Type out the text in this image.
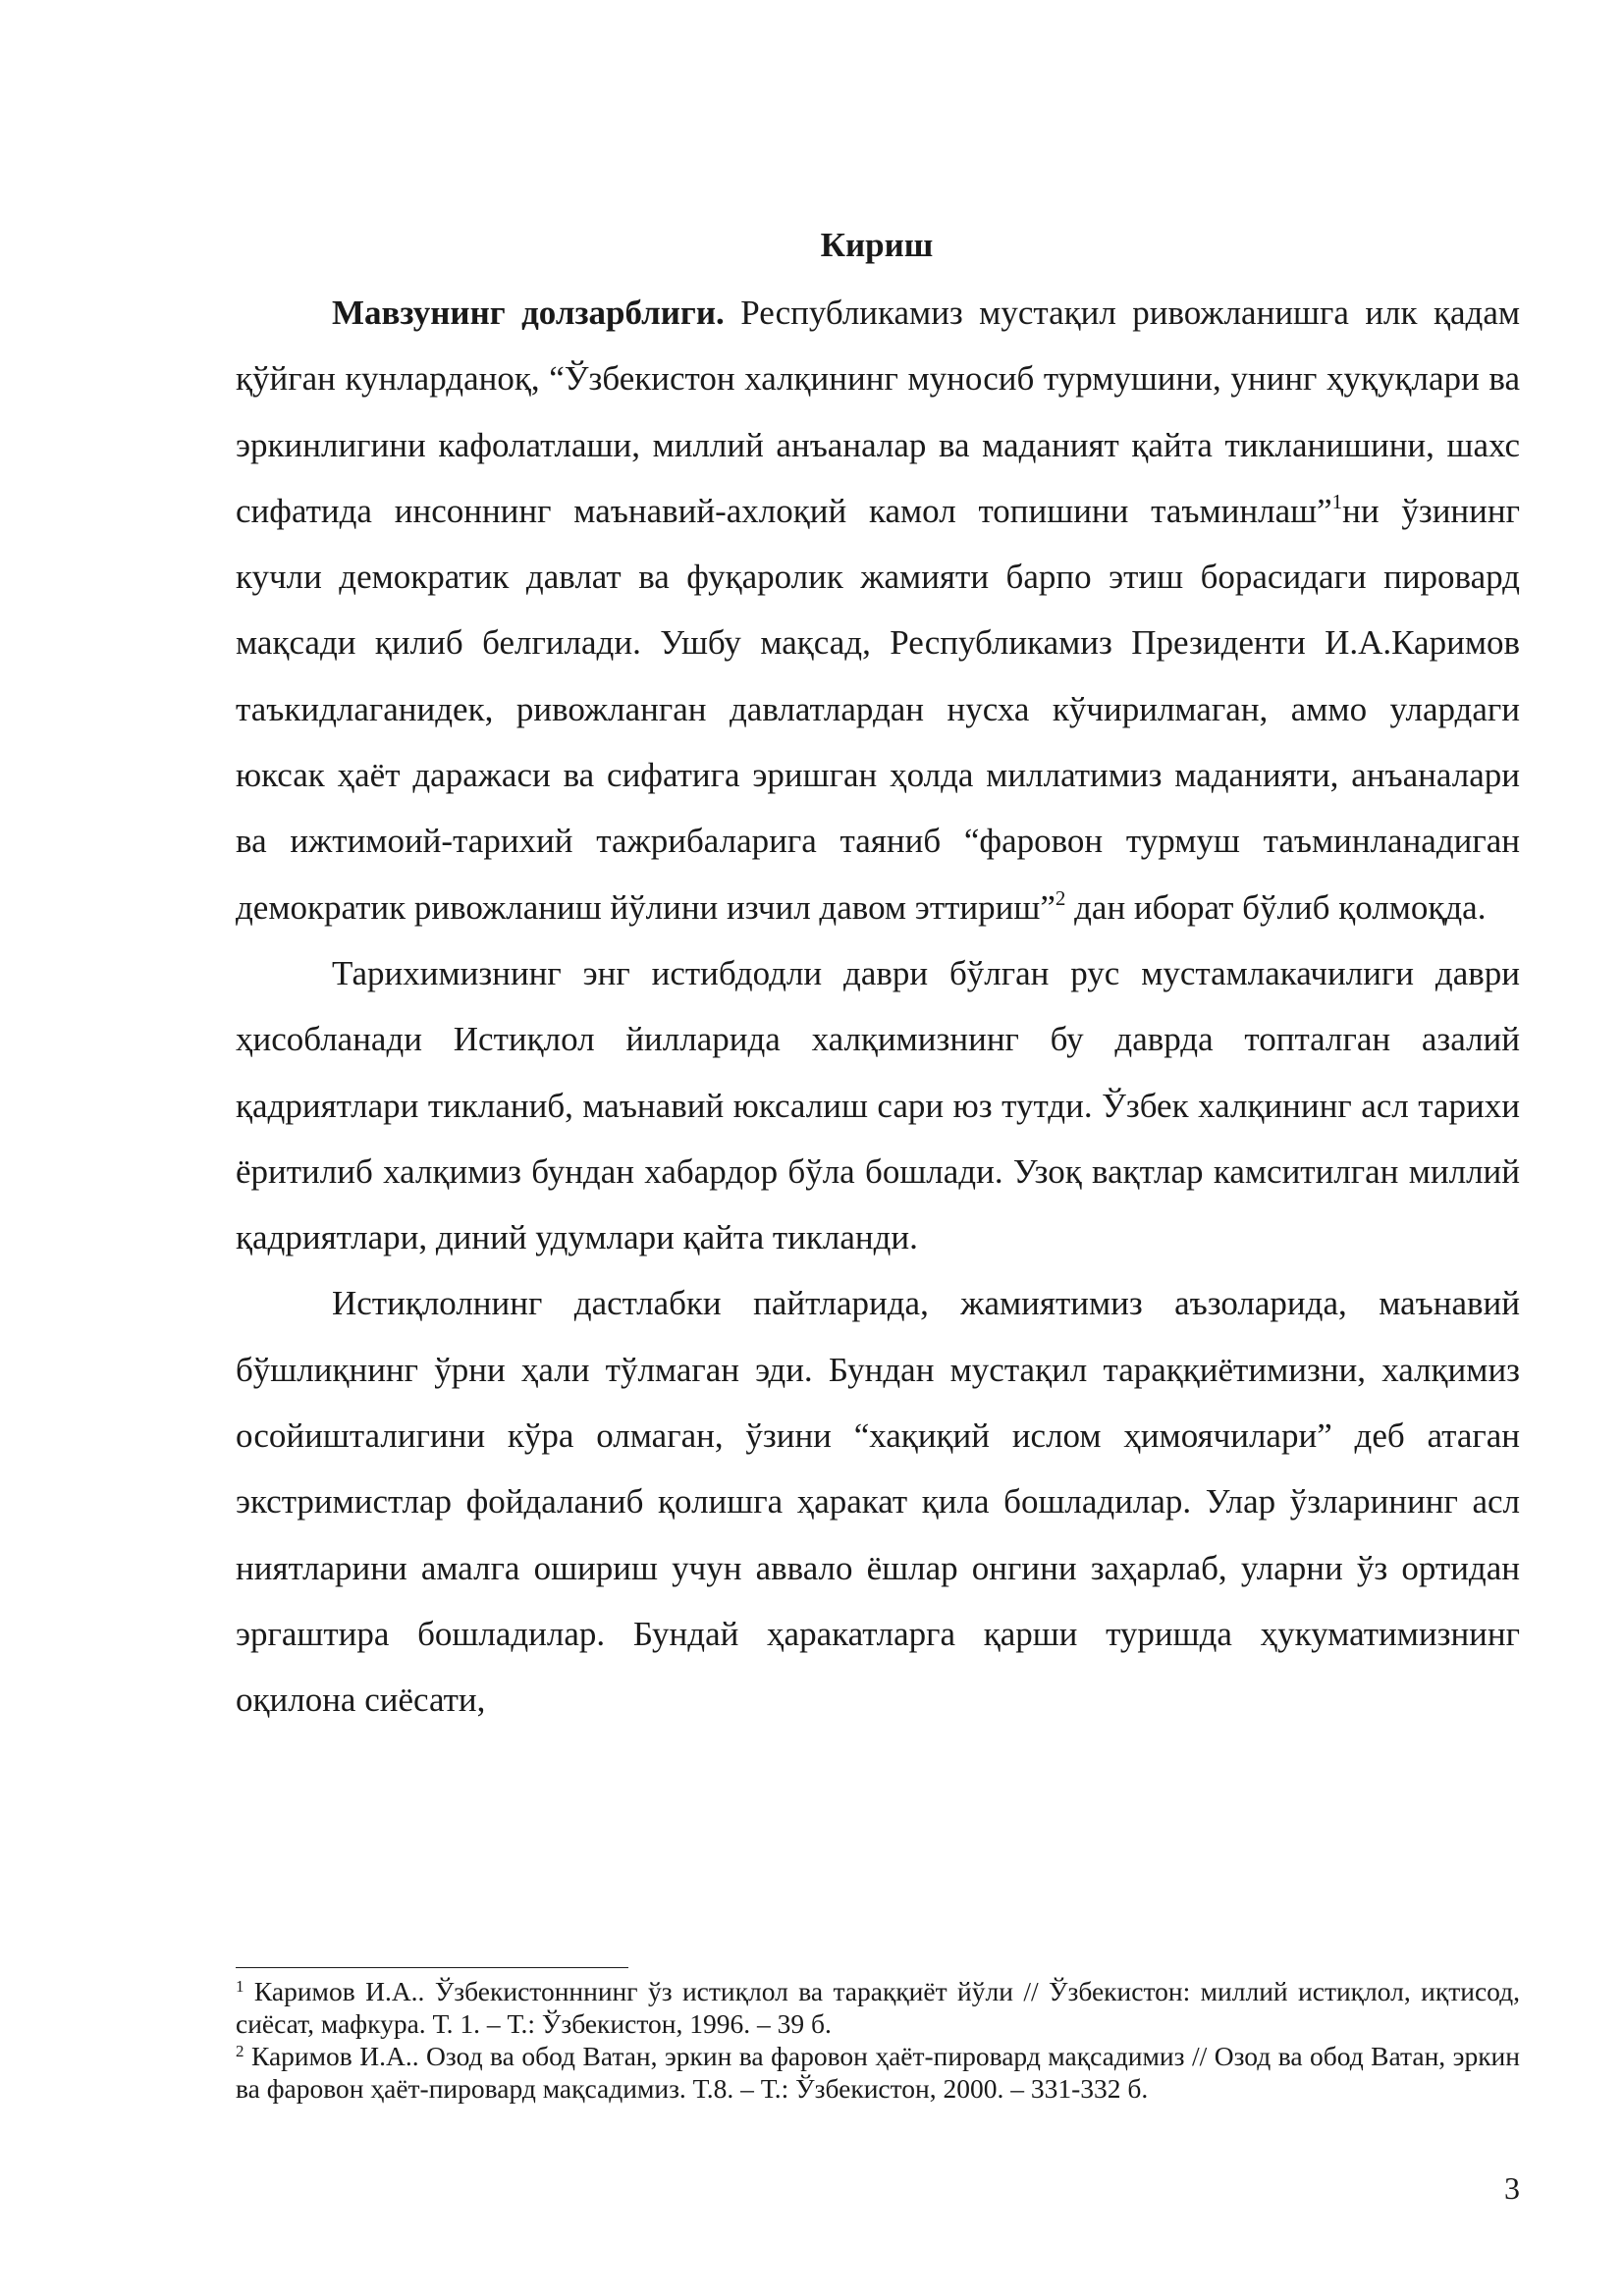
Кириш

Мавзунинг долзарблиги. Республикамиз мустақил ривожланишга илк қадам қўйган кунларданоқ, “Ўзбекистон халқининг муносиб турмушини, унинг ҳуқуқлари ва эркинлигини кафолатлаши, миллий анъаналар ва маданият қайта тикланишини, шахс сифатида инсоннинг маънавий-ахлоқий камол топишини таъминлаш”$^1$ни ўзининг кучли демократик давлат ва фуқаролик жамияти барпо этиш борасидаги пировард мақсади қилиб белгилади. Ушбу мақсад, Республикамиз Президенти И.А.Каримов таъкидлаганидек, ривожланган давлатлардан нусха кўчирилмаган, аммо улардаги юксак ҳаёт даражаси ва сифатига эришган ҳолда миллатимиз маданияти, анъаналари ва ижтимоий-тарихий тажрибаларига таяниб “фаровон турмуш таъминланадиган демократик ривожланиш йўлини изчил давом эттириш”$^2$ дан иборат бўлиб қолмоқда.

Тарихимизнинг энг истибдодли даври бўлган рус мустамлакачилиги даври ҳисобланади Истиқлол йилларида халқимизнинг бу даврда топталган азалий қадриятлари тикланиб, маънавий юксалиш сари юз тутди. Ўзбек халқининг асл тарихи ёритилиб халқимиз бундан хабардор бўла бошлади. Узоқ вақтлар камситилган миллий қадриятлари, диний удумлари қайта тикланди.

Истиқлолнинг дастлабки пайтларида, жамиятимиз аъзоларида, маънавий бўшлиқнинг ўрни ҳали тўлмаган эди. Бундан мустақил тараққиётимизни, халқимиз осойишталигини кўра олмаган, ўзини “хақиқий ислом ҳимоячилари” деб атаган экстримистлар фойдаланиб қолишга ҳаракат қила бошладилар. Улар ўзларининг асл ниятларини амалга ошириш учун аввало ёшлар онгини заҳарлаб, уларни ўз ортидан эргаштира бошладилар. Бундай ҳаракатларга қарши туришда ҳукуматимизнинг оқилона сиёсати,

$^1$ Каримов И.А.. Ўзбекистонннинг ўз истиқлол ва тараққиёт йўли // Ўзбекистон: миллий истиқлол, иқтисод, сиёсат, мафкура. Т. 1. – Т.: Ўзбекистон, 1996. – 39 б.

$^2$ Каримов И.А.. Озод ва обод Ватан, эркин ва фаровон ҳаёт-пировард мақсадимиз // Озод ва обод Ватан, эркин ва фаровон ҳаёт-пировард мақсадимиз. Т.8. – Т.: Ўзбекистон, 2000. – 331-332 б.

3
